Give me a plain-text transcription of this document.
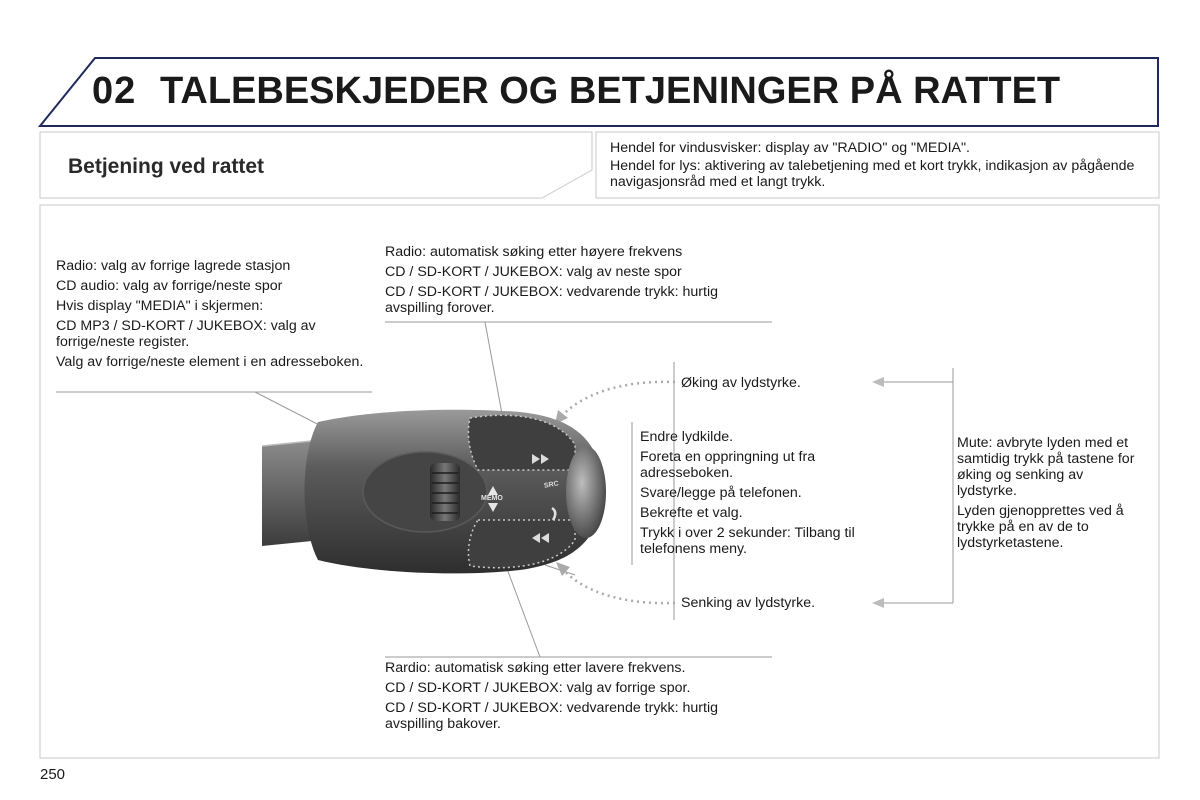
02 TALEBESKJEDER OG BETJENINGER PÅ RATTET
Betjening ved rattet

Hendel for vindusvisker: display av "RADIO" og "MEDIA".

Hendel for lys: aktivering av talebetjening med et kort trykk, indikasjon av pågående navigasjonsråd med et langt trykk.

MEMO
SRC

Radio: valg av forrige lagrede stasjon

CD audio: valg av forrige/neste spor

Hvis display "MEDIA" i skjermen:

CD MP3 / SD-KORT / JUKEBOX: valg av forrige/neste register.

Valg av forrige/neste element i en adresseboken.

Radio: automatisk søking etter høyere frekvens

CD / SD-KORT / JUKEBOX: valg av neste spor

CD / SD-KORT / JUKEBOX: vedvarende trykk: hurtig avspilling forover.

Øking av lydstyrke.
Senking av lydstyrke.

Endre lydkilde.

Foreta en oppringning ut fra adresseboken.

Svare/legge på telefonen.

Bekrefte et valg.

Trykk i over 2 sekunder: Tilbang til telefonens meny.

Mute: avbryte lyden med et samtidig trykk på tastene for øking og senking av lydstyrke.

Lyden gjenopprettes ved å trykke på en av de to lydstyrketastene.

Rardio: automatisk søking etter lavere frekvens.

CD / SD-KORT / JUKEBOX: valg av forrige spor.

CD / SD-KORT / JUKEBOX: vedvarende trykk: hurtig avspilling bakover.

250
